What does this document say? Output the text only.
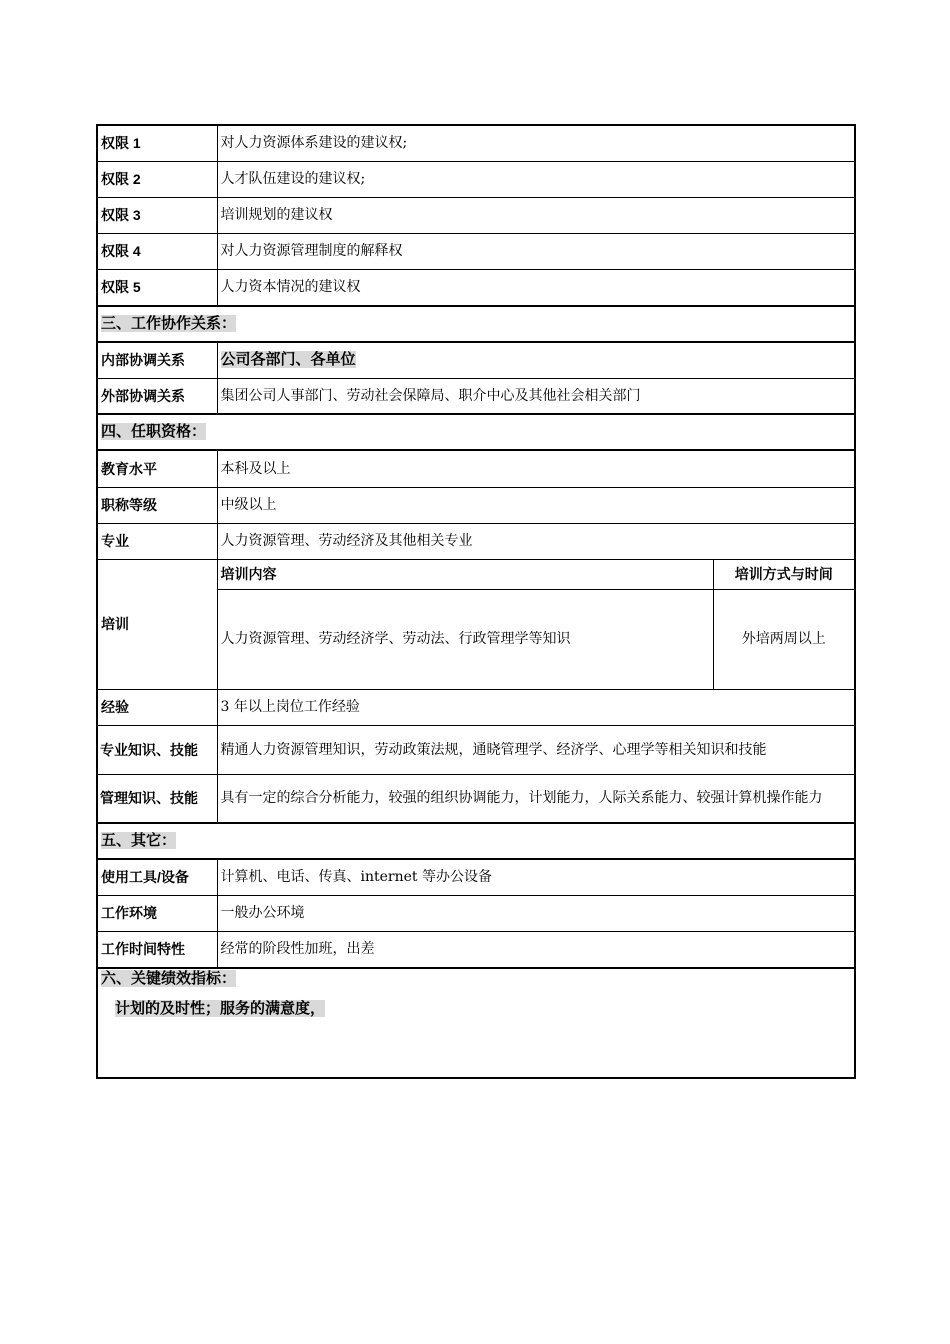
权限 1	对人力资源体系建设的建议权;	
权限 2	人才队伍建设的建议权;	
权限 3	培训规划的建议权	
权限 4	对人力资源管理制度的解释权	
权限 5	人力资本情况的建议权	
三、工作协作关系：		
内部协调关系	公司各部门、各单位	
外部协调关系	集团公司人事部门、劳动社会保障局、职介中心及其他社会相关部门	
四、任职资格：		
教育水平	本科及以上	
职称等级	中级以上	
专业	人力资源管理、劳动经济及其他相关专业	
培训	培训内容	培训方式与时间
	人力资源管理、劳动经济学、劳动法、行政管理学等知识	外培两周以上
经验	3 年以上岗位工作经验	
专业知识、技能	精通人力资源管理知识，劳动政策法规，通晓管理学、经济学、心理学等相关知识和技能	
管理知识、技能	具有一定的综合分析能力，较强的组织协调能力，计划能力，人际关系能力、较强计算机操作能力	
五、其它：		
使用工具/设备	计算机、电话、传真、internet 等办公设备	
工作环境	一般办公环境	
工作时间特性	经常的阶段性加班，出差	

六、关键绩效指标：
计划的及时性；服务的满意度，		
